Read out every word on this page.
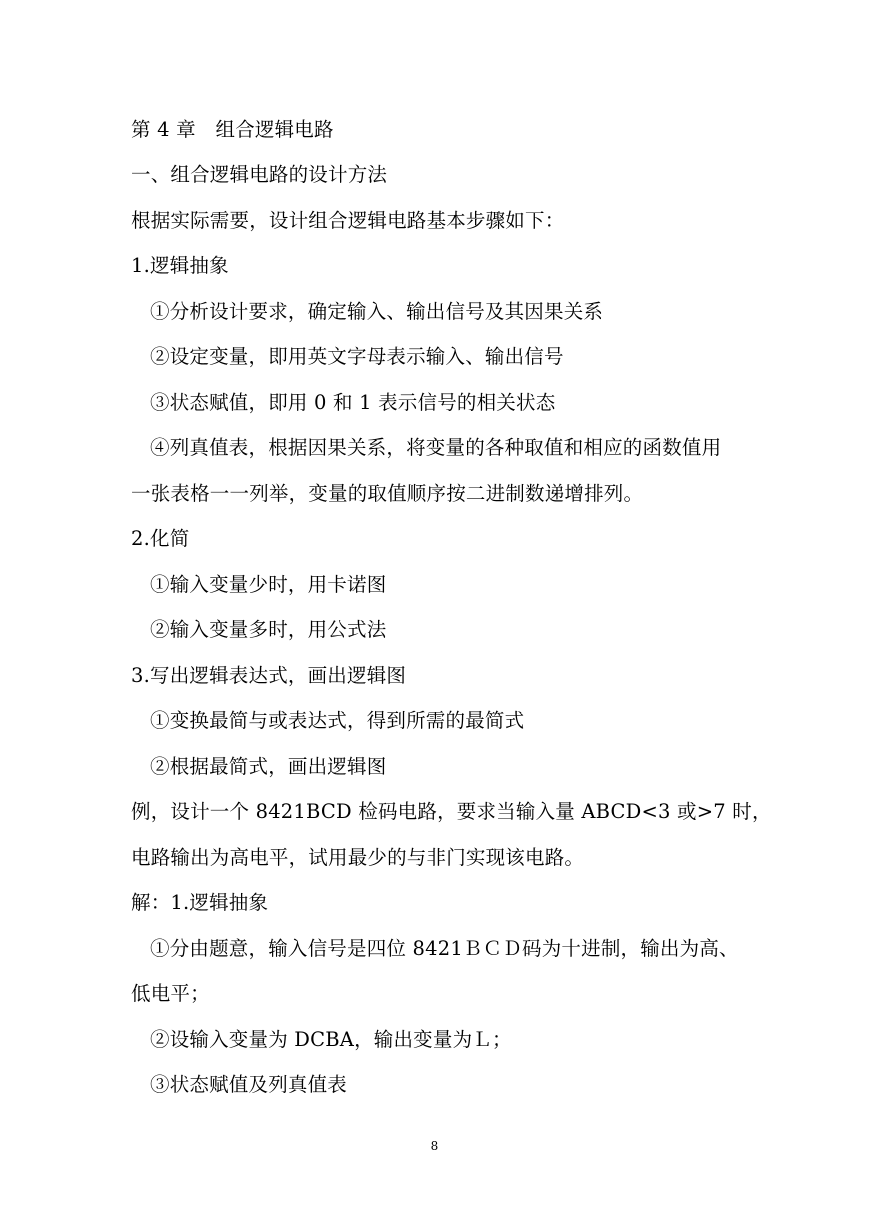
第 4 章　组合逻辑电路
一、组合逻辑电路的设计方法
根据实际需要，设计组合逻辑电路基本步骤如下：
1.逻辑抽象
①分析设计要求，确定输入、输出信号及其因果关系
②设定变量，即用英文字母表示输入、输出信号
③状态赋值，即用 0 和 1 表示信号的相关状态
④列真值表，根据因果关系，将变量的各种取值和相应的函数值用
一张表格一一列举，变量的取值顺序按二进制数递增排列。
2.化简
①输入变量少时，用卡诺图
②输入变量多时，用公式法
3.写出逻辑表达式，画出逻辑图
①变换最简与或表达式，得到所需的最简式
②根据最简式，画出逻辑图
例，设计一个 8421BCD 检码电路，要求当输入量 ABCD<3 或>7 时，
电路输出为高电平，试用最少的与非门实现该电路。
解：1.逻辑抽象
①分由题意，输入信号是四位 8421ＢＣＤ码为十进制，输出为高、
低电平；
②设输入变量为 DCBA，输出变量为Ｌ；
③状态赋值及列真值表
8
